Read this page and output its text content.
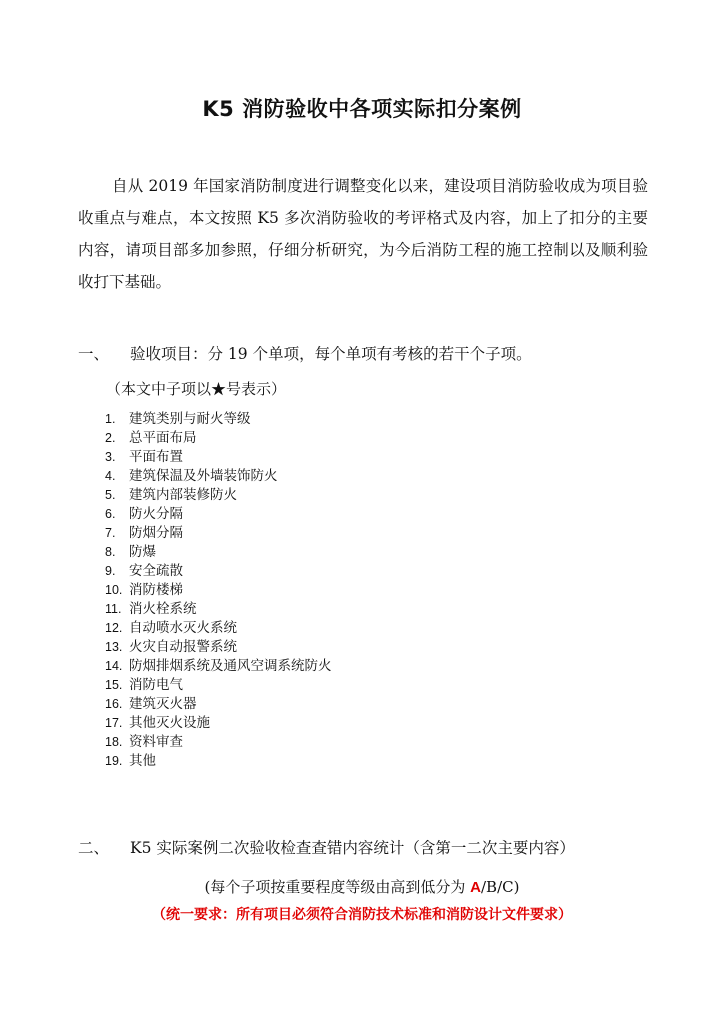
K5 消防验收中各项实际扣分案例

自从 2019 年国家消防制度进行调整变化以来，建设项目消防验收成为项目验收重点与难点，本文按照 K5 多次消防验收的考评格式及内容，加上了扣分的主要内容，请项目部多加参照，仔细分析研究，为今后消防工程的施工控制以及顺利验收打下基础。

一、 验收项目：分 19 个单项，每个单项有考核的若干个子项。
（本文中子项以★号表示）
1. 建筑类别与耐火等级
2. 总平面布局
3. 平面布置
4. 建筑保温及外墙装饰防火
5. 建筑内部装修防火
6. 防火分隔
7. 防烟分隔
8. 防爆
9. 安全疏散
10. 消防楼梯
11. 消火栓系统
12. 自动喷水灭火系统
13. 火灾自动报警系统
14. 防烟排烟系统及通风空调系统防火
15. 消防电气
16. 建筑灭火器
17. 其他灭火设施
18. 资料审查
19. 其他
二、 K5 实际案例二次验收检查查错内容统计（含第一二次主要内容）
(每个子项按重要程度等级由高到低分为 A/B/C)
（统一要求：所有项目必须符合消防技术标准和消防设计文件要求）
